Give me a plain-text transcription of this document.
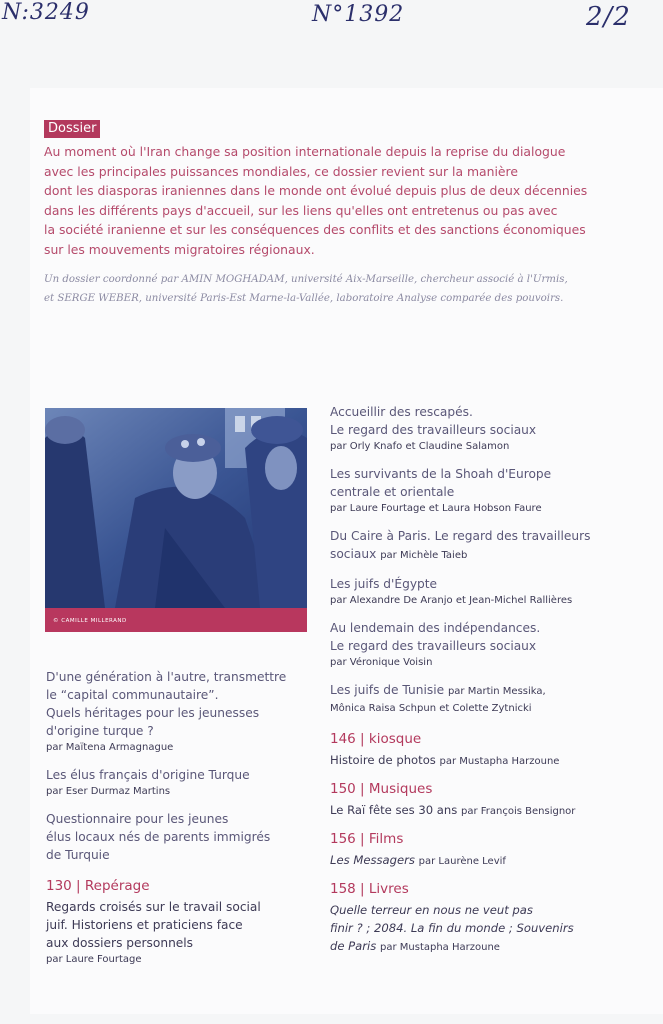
N:3249	N°1392	2/2
Dossier
Au moment où l'Iran change sa position internationale depuis la reprise du dialogue
avec les principales puissances mondiales, ce dossier revient sur la manière
dont les diasporas iraniennes dans le monde ont évolué depuis plus de deux décennies
dans les différents pays d'accueil, sur les liens qu'elles ont entretenus ou pas avec
la société iranienne et sur les conséquences des conflits et des sanctions économiques
sur les mouvements migratoires régionaux.
Un dossier coordonné par AMIN MOGHADAM, université Aix-Marseille, chercheur associé à l'Urmis,
et SERGE WEBER, université Paris-Est Marne-la-Vallée, laboratoire Analyse comparée des pouvoirs.
© CAMILLE MILLERAND
D'une génération à l'autre, transmettre
le “capital communautaire”.
Quels héritages pour les jeunesses
d'origine turque ?
par Maïtena Armagnague
Les élus français d'origine Turque
par Eser Durmaz Martins
Questionnaire pour les jeunes
élus locaux nés de parents immigrés
de Turquie
130 | Repérage
Regards croisés sur le travail social
juif. Historiens et praticiens face
aux dossiers personnels
par Laure Fourtage
Accueillir des rescapés.
Le regard des travailleurs sociaux
par Orly Knafo et Claudine Salamon
Les survivants de la Shoah d'Europe
centrale et orientale
par Laure Fourtage et Laura Hobson Faure
Du Caire à Paris. Le regard des travailleurs
sociaux par Michèle Taieb
Les juifs d'Égypte
par Alexandre De Aranjo et Jean-Michel Rallières
Au lendemain des indépendances.
Le regard des travailleurs sociaux
par Véronique Voisin
Les juifs de Tunisie par Martin Messika,
Mônica Raisa Schpun et Colette Zytnicki
146 | kiosque
Histoire de photos par Mustapha Harzoune
150 | Musiques
Le Raï fête ses 30 ans par François Bensignor
156 | Films
Les Messagers par Laurène Levif
158 | Livres
Quelle terreur en nous ne veut pas
finir ? ; 2084. La fin du monde ; Souvenirs
de Paris par Mustapha Harzoune
